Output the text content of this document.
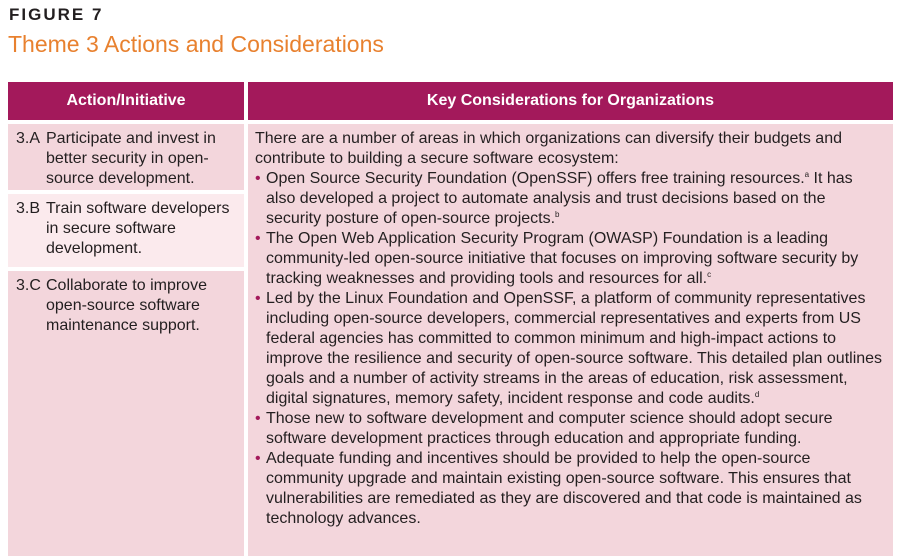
FIGURE 7
Theme 3 Actions and Considerations
Action/Initiative	Key Considerations for Organizations
3.A Participate and invest in better security in open-source development.
3.B Train software developers in secure software development.
3.C Collaborate to improve open-source software maintenance support.

There are a number of areas in which organizations can diversify their budgets and contribute to building a secure software ecosystem:

• Open Source Security Foundation (OpenSSF) offers free training resources.$^a$ It has also developed a project to automate analysis and trust decisions based on the security posture of open-source projects.$^b$
• The Open Web Application Security Program (OWASP) Foundation is a leading community-led open-source initiative that focuses on improving software security by tracking weaknesses and providing tools and resources for all.$^c$
• Led by the Linux Foundation and OpenSSF, a platform of community representatives including open-source developers, commercial representatives and experts from US federal agencies has committed to common minimum and high-impact actions to improve the resilience and security of open-source software. This detailed plan outlines goals and a number of activity streams in the areas of education, risk assessment, digital signatures, memory safety, incident response and code audits.$^d$
• Those new to software development and computer science should adopt secure software development practices through education and appropriate funding.
• Adequate funding and incentives should be provided to help the open-source community upgrade and maintain existing open-source software. This ensures that vulnerabilities are remediated as they are discovered and that code is maintained as technology advances.
